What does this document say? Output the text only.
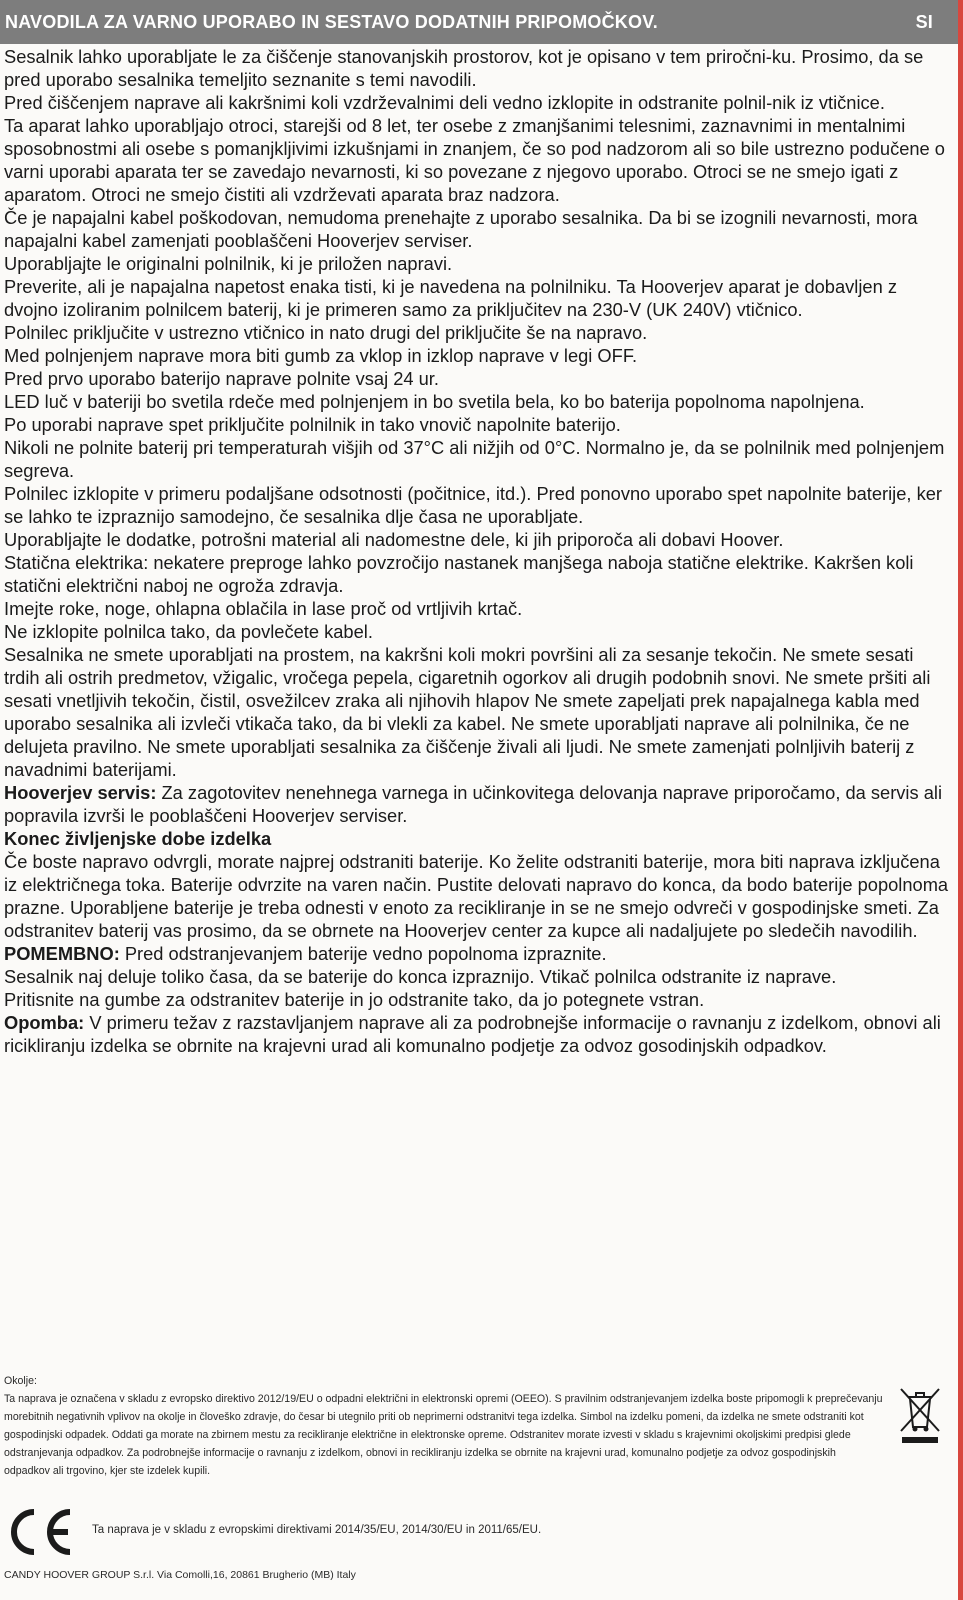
NAVODILA ZA VARNO UPORABO IN SESTAVO DODATNIH PRIPOMOČKOV.	SI

Sesalnik lahko uporabljate le za čiščenje stanovanjskih prostorov, kot je opisano v tem priročni-ku. Prosimo, da se pred uporabo sesalnika temeljito seznanite s temi navodili.

Pred čiščenjem naprave ali kakršnimi koli vzdrževalnimi deli vedno izklopite in odstranite polnil-nik iz vtičnice.

Ta aparat lahko uporabljajo otroci, starejši od 8 let, ter osebe z zmanjšanimi telesnimi, zaznavnimi in mentalnimi sposobnostmi ali osebe s pomanjkljivimi izkušnjami in znanjem, če so pod nadzorom ali so bile ustrezno podučene o varni uporabi aparata ter se zavedajo nevarnosti, ki so povezane z njegovo uporabo. Otroci se ne smejo igati z aparatom. Otroci ne smejo čistiti ali vzdrževati aparata braz nadzora.

Če je napajalni kabel poškodovan, nemudoma prenehajte z uporabo sesalnika. Da bi se izognili nevarnosti, mora napajalni kabel zamenjati pooblaščeni Hooverjev serviser.

Uporabljajte le originalni polnilnik, ki je priložen napravi.

Preverite, ali je napajalna napetost enaka tisti, ki je navedena na polnilniku. Ta Hooverjev aparat je dobavljen z dvojno izoliranim polnilcem baterij, ki je primeren samo za priključitev na 230-V (UK 240V) vtičnico.

Polnilec priključite v ustrezno vtičnico in nato drugi del priključite še na napravo.

Med polnjenjem naprave mora biti gumb za vklop in izklop naprave v legi OFF.

Pred prvo uporabo baterijo naprave polnite vsaj 24 ur.

LED luč v bateriji bo svetila rdeče med polnjenjem in bo svetila bela, ko bo baterija popolnoma napolnjena.

Po uporabi naprave spet priključite polnilnik in tako vnovič napolnite baterijo.

Nikoli ne polnite baterij pri temperaturah višjih od 37°C ali nižjih od 0°C. Normalno je, da se polnilnik med polnjenjem segreva.

Polnilec izklopite v primeru podaljšane odsotnosti (počitnice, itd.). Pred ponovno uporabo spet napolnite baterije, ker se lahko te izpraznijo samodejno, če sesalnika dlje časa ne uporabljate.

Uporabljajte le dodatke, potrošni material ali nadomestne dele, ki jih priporoča ali dobavi Hoover.

Statična elektrika: nekatere preproge lahko povzročijo nastanek manjšega naboja statične elektrike. Kakršen koli statični električni naboj ne ogroža zdravja.

Imejte roke, noge, ohlapna oblačila in lase proč od vrtljivih krtač.

Ne izklopite polnilca tako, da povlečete kabel.

Sesalnika ne smete uporabljati na prostem, na kakršni koli mokri površini ali za sesanje tekočin. Ne smete sesati trdih ali ostrih predmetov, vžigalic, vročega pepela, cigaretnih ogorkov ali drugih podobnih snovi. Ne smete pršiti ali sesati vnetljivih tekočin, čistil, osvežilcev zraka ali njihovih hlapov Ne smete zapeljati prek napajalnega kabla med uporabo sesalnika ali izvleči vtikača tako, da bi vlekli za kabel. Ne smete uporabljati naprave ali polnilnika, če ne delujeta pravilno. Ne smete uporabljati sesalnika za čiščenje živali ali ljudi. Ne smete zamenjati polnljivih baterij z navadnimi baterijami.

Hooverjev servis: Za zagotovitev nenehnega varnega in učinkovitega delovanja naprave priporočamo, da servis ali popravila izvrši le pooblaščeni Hooverjev serviser.

Konec življenjske dobe izdelka

Če boste napravo odvrgli, morate najprej odstraniti baterije. Ko želite odstraniti baterije, mora biti naprava izključena iz električnega toka. Baterije odvrzite na varen način. Pustite delovati napravo do konca, da bodo baterije popolnoma prazne. Uporabljene baterije je treba odnesti v enoto za recikliranje in se ne smejo odvreči v gospodinjske smeti. Za odstranitev baterij vas prosimo, da se obrnete na Hooverjev center za kupce ali nadaljujete po sledečih navodilih.

POMEMBNO: Pred odstranjevanjem baterije vedno popolnoma izpraznite.

Sesalnik naj deluje toliko časa, da se baterije do konca izpraznijo. Vtikač polnilca odstranite iz naprave.

Pritisnite na gumbe za odstranitev baterije in jo odstranite tako, da jo potegnete vstran.

Opomba: V primeru težav z razstavljanjem naprave ali za podrobnejše informacije o ravnanju z izdelkom, obnovi ali ricikliranju izdelka se obrnite na krajevni urad ali komunalno podjetje za odvoz gosodinjskih odpadkov.

Okolje:

Ta naprava je označena v skladu z evropsko direktivo 2012/19/EU o odpadni električni in elektronski opremi (OEEO). S pravilnim odstranjevanjem izdelka boste pripomogli k preprečevanju morebitnih negativnih vplivov na okolje in človeško zdravje, do česar bi utegnilo priti ob neprimerni odstranitvi tega izdelka. Simbol na izdelku pomeni, da izdelka ne smete odstraniti kot gospodinjski odpadek. Oddati ga morate na zbirnem mestu za recikliranje električne in elektronske opreme. Odstranitev morate izvesti v skladu s krajevnimi okoljskimi predpisi glede odstranjevanja odpadkov. Za podrobnejše informacije o ravnanju z izdelkom, obnovi in recikliranju izdelka se obrnite na krajevni urad, komunalno podjetje za odvoz gospodinjskih odpadkov ali trgovino, kjer ste izdelek kupili.

Ta naprava je v skladu z evropskimi direktivami 2014/35/EU, 2014/30/EU in 2011/65/EU.
CANDY HOOVER GROUP S.r.l. Via Comolli,16, 20861 Brugherio (MB) Italy
